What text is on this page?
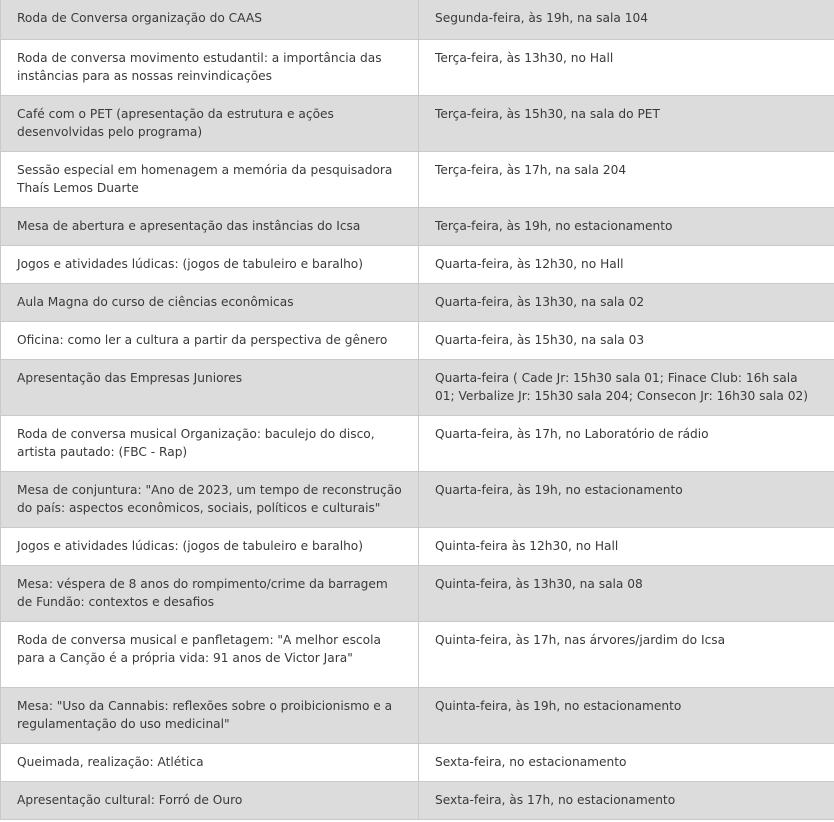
Roda de Conversa organização do CAAS	Segunda-feira, às 19h, na sala 104
Roda de conversa movimento estudantil: a importância das instâncias para as nossas reinvindicações	Terça-feira, às 13h30, no Hall
Café com o PET (apresentação da estrutura e ações desenvolvidas pelo programa)	Terça-feira, às 15h30, na sala do PET
Sessão especial em homenagem a memória da pesquisadora Thaís Lemos Duarte	Terça-feira, às 17h, na sala 204
Mesa de abertura e apresentação das instâncias do Icsa	Terça-feira, às 19h, no estacionamento
Jogos e atividades lúdicas: (jogos de tabuleiro e baralho)	Quarta-feira, às 12h30, no Hall
Aula Magna do curso de ciências econômicas	Quarta-feira, às 13h30, na sala 02
Oficina: como ler a cultura a partir da perspectiva de gênero	Quarta-feira, às 15h30, na sala 03
Apresentação das Empresas Juniores	Quarta-feira ( Cade Jr: 15h30 sala 01; Finace Club: 16h sala 01; Verbalize Jr: 15h30 sala 204; Consecon Jr: 16h30 sala 02)
Roda de conversa musical Organização: baculejo do disco, artista pautado: (FBC - Rap)	Quarta-feira, às 17h, no Laboratório de rádio
Mesa de conjuntura: "Ano de 2023, um tempo de reconstrução do país: aspectos econômicos, sociais, políticos e culturais"	Quarta-feira, às 19h, no estacionamento
Jogos e atividades lúdicas: (jogos de tabuleiro e baralho)	Quinta-feira às 12h30, no Hall
Mesa: véspera de 8 anos do rompimento/crime da barragem de Fundão: contextos e desafios	Quinta-feira, às 13h30, na sala 08
Roda de conversa musical e panfletagem: "A melhor escola para a Canção é a própria vida: 91 anos de Victor Jara"	Quinta-feira, às 17h, nas árvores/jardim do Icsa
Mesa: "Uso da Cannabis: reflexões sobre o proibicionismo e a regulamentação do uso medicinal"	Quinta-feira, às 19h, no estacionamento
Queimada, realização: Atlética	Sexta-feira, no estacionamento
Apresentação cultural: Forró de Ouro	Sexta-feira, às 17h, no estacionamento
